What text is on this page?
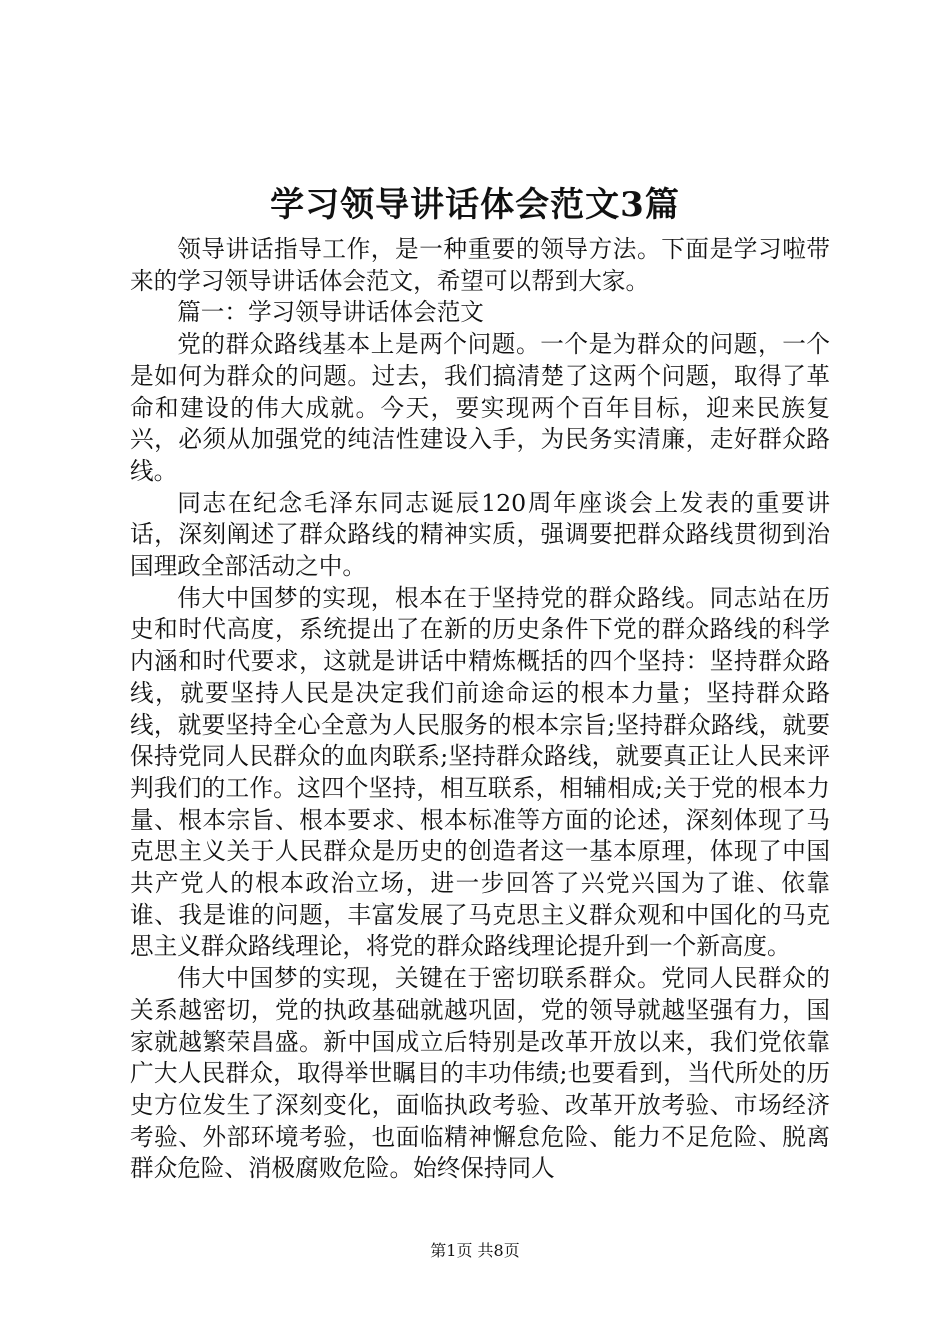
学习领导讲话体会范文3篇

领导讲话指导工作，是一种重要的领导方法。下面是学习啦带来的学习领导讲话体会范文，希望可以帮到大家。

篇一：学习领导讲话体会范文

党的群众路线基本上是两个问题。一个是为群众的问题，一个是如何为群众的问题。过去，我们搞清楚了这两个问题，取得了革命和建设的伟大成就。今天，要实现两个百年目标，迎来民族复兴，必须从加强党的纯洁性建设入手，为民务实清廉，走好群众路线。

同志在纪念毛泽东同志诞辰120周年座谈会上发表的重要讲话，深刻阐述了群众路线的精神实质，强调要把群众路线贯彻到治国理政全部活动之中。

伟大中国梦的实现，根本在于坚持党的群众路线。同志站在历史和时代高度，系统提出了在新的历史条件下党的群众路线的科学内涵和时代要求，这就是讲话中精炼概括的四个坚持：坚持群众路线，就要坚持人民是决定我们前途命运的根本力量；坚持群众路线，就要坚持全心全意为人民服务的根本宗旨;坚持群众路线，就要保持党同人民群众的血肉联系;坚持群众路线，就要真正让人民来评判我们的工作。这四个坚持，相互联系，相辅相成;关于党的根本力量、根本宗旨、根本要求、根本标准等方面的论述，深刻体现了马克思主义关于人民群众是历史的创造者这一基本原理，体现了中国共产党人的根本政治立场，进一步回答了兴党兴国为了谁、依靠谁、我是谁的问题，丰富发展了马克思主义群众观和中国化的马克思主义群众路线理论，将党的群众路线理论提升到一个新高度。

伟大中国梦的实现，关键在于密切联系群众。党同人民群众的关系越密切，党的执政基础就越巩固，党的领导就越坚强有力，国家就越繁荣昌盛。新中国成立后特别是改革开放以来，我们党依靠广大人民群众，取得举世瞩目的丰功伟绩;也要看到，当代所处的历史方位发生了深刻变化，面临执政考验、改革开放考验、市场经济考验、外部环境考验，也面临精神懈怠危险、能力不足危险、脱离群众危险、消极腐败危险。始终保持同人

第1页 共8页
